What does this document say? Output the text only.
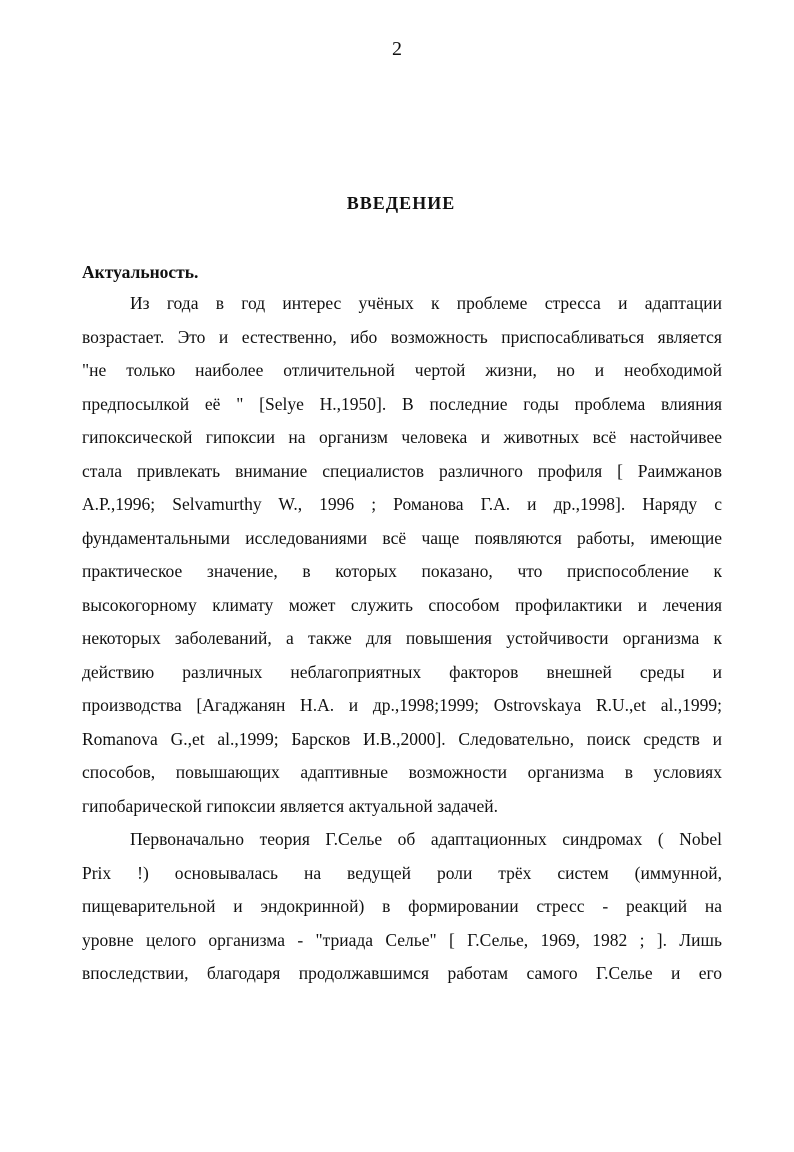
2
ВВЕДЕНИЕ
Актуальность.
Из года в год интерес учёных к проблеме стресса и адаптации
возрастает. Это и естественно, ибо возможность приспосабливаться является
"не только наиболее отличительной чертой жизни, но и необходимой
предпосылкой её " [Selye H.,1950]. В последние годы проблема влияния
гипоксической гипоксии на организм человека и животных всё настойчивее
стала привлекать внимание специалистов различного профиля [ Раимжанов
А.Р.,1996; Selvamurthy W., 1996 ; Романова Г.А. и др.,1998]. Наряду с
фундаментальными исследованиями всё чаще появляются работы, имеющие
практическое значение, в которых показано, что приспособление к
высокогорному климату может служить способом профилактики и лечения
некоторых заболеваний, а также для повышения устойчивости организма к
действию различных неблагоприятных факторов внешней среды и
производства [Агаджанян Н.А. и др.,1998;1999; Ostrovskaya R.U.,et al.,1999;
Romanova G.,et al.,1999; Барсков И.В.,2000]. Следовательно, поиск средств и
способов, повышающих адаптивные возможности организма в условиях
гипобарической гипоксии является актуальной задачей.
Первоначально теория Г.Селье об адаптационных синдромах ( Nobel
Prix !) основывалась на ведущей роли трёх систем (иммунной,
пищеварительной и эндокринной) в формировании стресс - реакций на
уровне целого организма - "триада Селье" [ Г.Селье, 1969, 1982 ; ]. Лишь
впоследствии, благодаря продолжавшимся работам самого Г.Селье и его
